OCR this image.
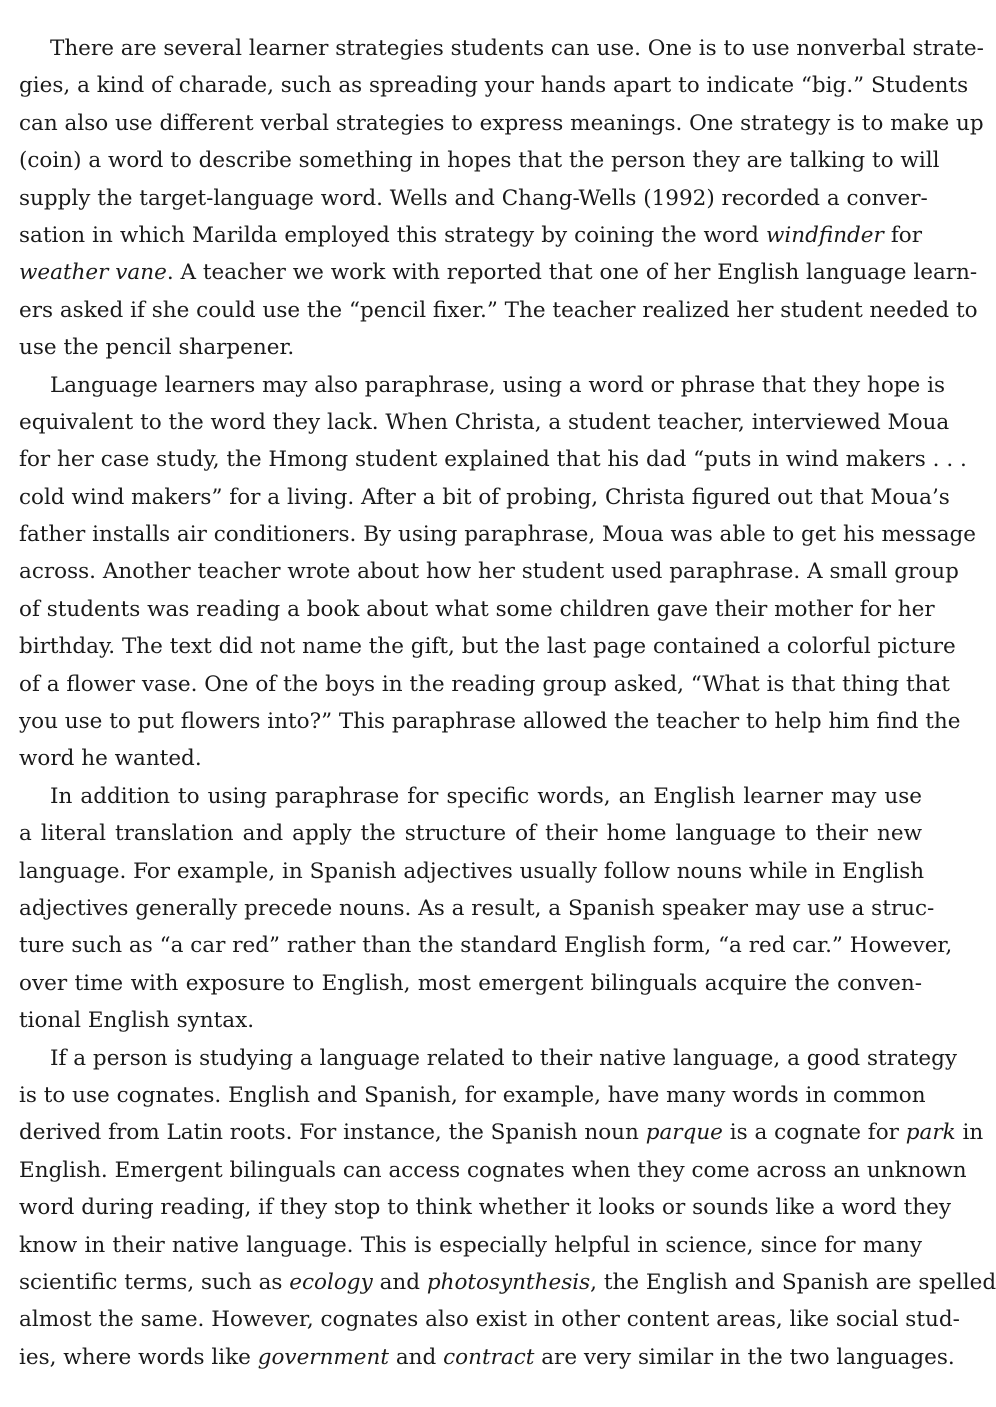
There are several learner strategies students can use. One is to use nonverbal strate-
gies, a kind of charade, such as spreading your hands apart to indicate “big.” Students
can also use different verbal strategies to express meanings. One strategy is to make up
(coin) a word to describe something in hopes that the person they are talking to will
supply the target-language word. Wells and Chang-Wells (1992) recorded a conver-
sation in which Marilda employed this strategy by coining the word windfinder for
weather vane. A teacher we work with reported that one of her English language learn-
ers asked if she could use the “pencil fixer.” The teacher realized her student needed to
use the pencil sharpener.
Language learners may also paraphrase, using a word or phrase that they hope is
equivalent to the word they lack. When Christa, a student teacher, interviewed Moua
for her case study, the Hmong student explained that his dad “puts in wind makers . . .
cold wind makers” for a living. After a bit of probing, Christa figured out that Moua’s
father installs air conditioners. By using paraphrase, Moua was able to get his message
across. Another teacher wrote about how her student used paraphrase. A small group
of students was reading a book about what some children gave their mother for her
birthday. The text did not name the gift, but the last page contained a colorful picture
of a flower vase. One of the boys in the reading group asked, “What is that thing that
you use to put flowers into?” This paraphrase allowed the teacher to help him find the
word he wanted.
In addition to using paraphrase for specific words, an English learner may use
a literal translation and apply the structure of their home language to their new
language. For example, in Spanish adjectives usually follow nouns while in English
adjectives generally precede nouns. As a result, a Spanish speaker may use a struc-
ture such as “a car red” rather than the standard English form, “a red car.” However,
over time with exposure to English, most emergent bilinguals acquire the conven-
tional English syntax.
If a person is studying a language related to their native language, a good strategy
is to use cognates. English and Spanish, for example, have many words in common
derived from Latin roots. For instance, the Spanish noun parque is a cognate for park in
English. Emergent bilinguals can access cognates when they come across an unknown
word during reading, if they stop to think whether it looks or sounds like a word they
know in their native language. This is especially helpful in science, since for many
scientific terms, such as ecology and photosynthesis, the English and Spanish are spelled
almost the same. However, cognates also exist in other content areas, like social stud-
ies, where words like government and contract are very similar in the two languages.
